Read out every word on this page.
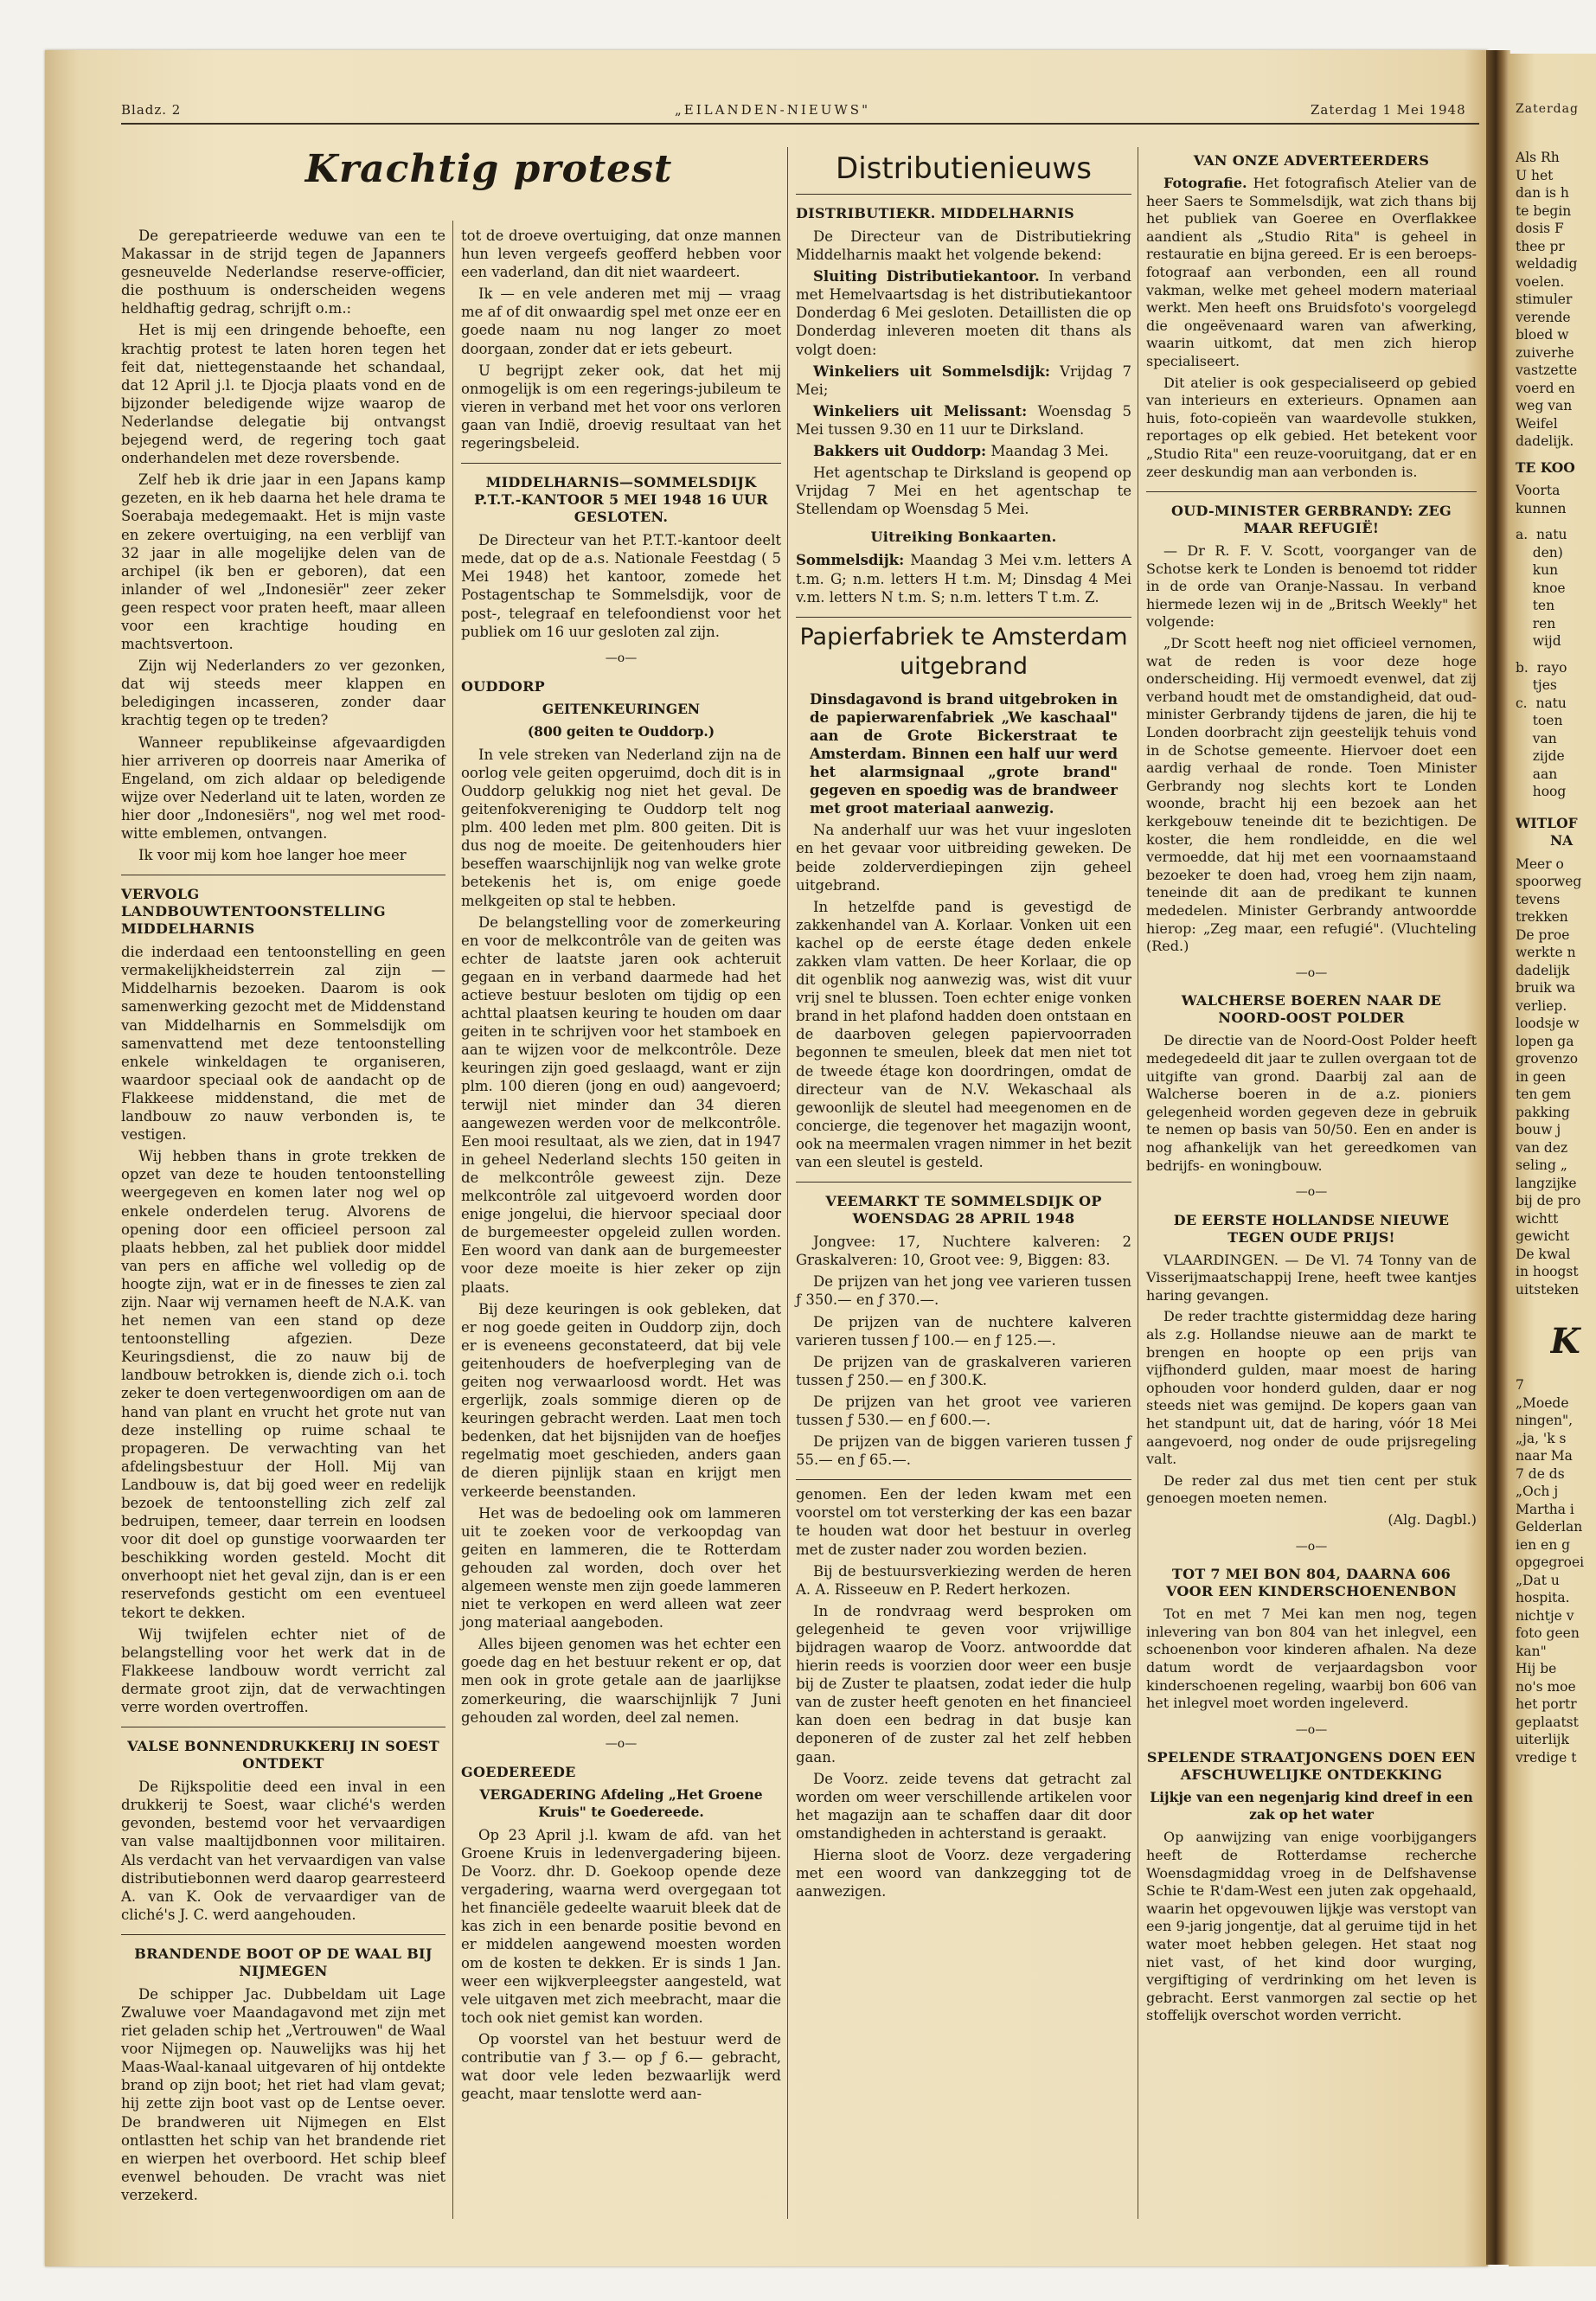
Bladz. 2	„EILANDEN-NIEUWS"	Zaterdag 1 Mei 1948	Zaterdag
Krachtig protest

De gerepatrieerde weduwe van een te Makassar in de strijd tegen de Japanners gesneuvelde Nederlandse reserve-officier, die posthuum is onderscheiden wegens heldhaftig gedrag, schrijft o.m.:

Het is mij een dringende behoefte, een krachtig protest te laten horen tegen het feit dat, niettegenstaande het schandaal, dat 12 April j.l. te Djocja plaats vond en de bijzonder beledigende wijze waarop de Nederlandse delegatie bij ontvangst bejegend werd, de regering toch gaat onderhandelen met deze roversbende.

Zelf heb ik drie jaar in een Japans kamp gezeten, en ik heb daarna het hele drama te Soerabaja medegemaakt. Het is mijn vaste en zekere overtuiging, na een verblijf van 32 jaar in alle mogelijke delen van de archipel (ik ben er geboren), dat een inlander of wel „Indonesiër" zeer zeker geen respect voor praten heeft, maar alleen voor een krachtige houding en machtsvertoon.

Zijn wij Nederlanders zo ver gezonken, dat wij steeds meer klappen en beledigingen incasseren, zonder daar krachtig tegen op te treden?

Wanneer republikeinse afgevaardigden hier arriveren op doorreis naar Amerika of Engeland, om zich aldaar op beledigende wijze over Nederland uit te laten, worden ze hier door „Indonesiërs", nog wel met rood-witte emblemen, ontvangen.

Ik voor mij kom hoe langer hoe meer

VERVOLG LANDBOUWTENTOONSTELLING MIDDELHARNIS

die inderdaad een tentoonstelling en geen vermakelijkheidsterrein zal zijn — Middelharnis bezoeken. Daarom is ook samenwerking gezocht met de Middenstand van Middelharnis en Sommelsdijk om samenvattend met deze tentoonstelling enkele winkeldagen te organiseren, waardoor speciaal ook de aandacht op de Flakkeese middenstand, die met de landbouw zo nauw verbonden is, te vestigen.

Wij hebben thans in grote trekken de opzet van deze te houden tentoonstelling weergegeven en komen later nog wel op enkele onderdelen terug. Alvorens de opening door een officieel persoon zal plaats hebben, zal het publiek door middel van pers en affiche wel volledig op de hoogte zijn, wat er in de finesses te zien zal zijn. Naar wij vernamen heeft de N.A.K. van het nemen van een stand op deze tentoonstelling afgezien. Deze Keuringsdienst, die zo nauw bij de landbouw betrokken is, diende zich o.i. toch zeker te doen vertegenwoordigen om aan de hand van plant en vrucht het grote nut van deze instelling op ruime schaal te propageren. De verwachting van het afdelingsbestuur der Holl. Mij van Landbouw is, dat bij goed weer en redelijk bezoek de tentoonstelling zich zelf zal bedruipen, temeer, daar terrein en loodsen voor dit doel op gunstige voorwaarden ter beschikking worden gesteld. Mocht dit onverhoopt niet het geval zijn, dan is er een reservefonds gesticht om een eventueel tekort te dekken.

Wij twijfelen echter niet of de belangstelling voor het werk dat in de Flakkeese landbouw wordt verricht zal dermate groot zijn, dat de verwachtingen verre worden overtroffen.

VALSE BONNENDRUKKERIJ IN SOEST ONTDEKT

De Rijkspolitie deed een inval in een drukkerij te Soest, waar cliché's werden gevonden, bestemd voor het vervaardigen van valse maaltijdbonnen voor militairen. Als verdacht van het vervaardigen van valse distributiebonnen werd daarop gearresteerd A. van K. Ook de vervaardiger van de cliché's J. C. werd aangehouden.

BRANDENDE BOOT OP DE WAAL BIJ NIJMEGEN

De schipper Jac. Dubbeldam uit Lage Zwaluwe voer Maandagavond met zijn met riet geladen schip het „Vertrouwen" de Waal voor Nijmegen op. Nauwelijks was hij het Maas-Waal-kanaal uitgevaren of hij ontdekte brand op zijn boot; het riet had vlam gevat; hij zette zijn boot vast op de Lentse oever. De brandweren uit Nijmegen en Elst ontlastten het schip van het brandende riet en wierpen het overboord. Het schip bleef evenwel behouden. De vracht was niet verzekerd.

tot de droeve overtuiging, dat onze mannen hun leven vergeefs geofferd hebben voor een vaderland, dan dit niet waardeert.

Ik — en vele anderen met mij — vraag me af of dit onwaardig spel met onze eer en goede naam nu nog langer zo moet doorgaan, zonder dat er iets gebeurt.

U begrijpt zeker ook, dat het mij onmogelijk is om een regerings-jubileum te vieren in verband met het voor ons verloren gaan van Indië, droevig resultaat van het regeringsbeleid.

MIDDELHARNIS—SOMMELSDIJK P.T.T.-KANTOOR 5 MEI 1948 16 UUR GESLOTEN.

De Directeur van het P.T.T.-kantoor deelt mede, dat op de a.s. Nationale Feestdag ( 5 Mei 1948) het kantoor, zomede het Postagentschap te Sommelsdijk, voor de post-, telegraaf en telefoondienst voor het publiek om 16 uur gesloten zal zijn.

—o—
OUDDORP
GEITENKEURINGEN
(800 geiten te Ouddorp.)

In vele streken van Nederland zijn na de oorlog vele geiten opgeruimd, doch dit is in Ouddorp gelukkig nog niet het geval. De geitenfokvereniging te Ouddorp telt nog plm. 400 leden met plm. 800 geiten. Dit is dus nog de moeite. De geitenhouders hier beseffen waarschijnlijk nog van welke grote betekenis het is, om enige goede melkgeiten op stal te hebben.

De belangstelling voor de zomerkeuring en voor de melkcontrôle van de geiten was echter de laatste jaren ook achteruit gegaan en in verband daarmede had het actieve bestuur besloten om tijdig op een achttal plaatsen keuring te houden om daar geiten in te schrijven voor het stamboek en aan te wijzen voor de melkcontrôle. Deze keuringen zijn goed geslaagd, want er zijn plm. 100 dieren (jong en oud) aangevoerd; terwijl niet minder dan 34 dieren aangewezen werden voor de melkcontrôle. Een mooi resultaat, als we zien, dat in 1947 in geheel Nederland slechts 150 geiten in de melkcontrôle geweest zijn. Deze melkcontrôle zal uitgevoerd worden door enige jongelui, die hiervoor speciaal door de burgemeester opgeleid zullen worden. Een woord van dank aan de burgemeester voor deze moeite is hier zeker op zijn plaats.

Bij deze keuringen is ook gebleken, dat er nog goede geiten in Ouddorp zijn, doch er is eveneens geconstateerd, dat bij vele geitenhouders de hoefverpleging van de geiten nog verwaarloosd wordt. Het was ergerlijk, zoals sommige dieren op de keuringen gebracht werden. Laat men toch bedenken, dat het bijsnijden van de hoefjes regelmatig moet geschieden, anders gaan de dieren pijnlijk staan en krijgt men verkeerde beenstanden.

Het was de bedoeling ook om lammeren uit te zoeken voor de verkoopdag van geiten en lammeren, die te Rotterdam gehouden zal worden, doch over het algemeen wenste men zijn goede lammeren niet te verkopen en werd alleen wat zeer jong materiaal aangeboden.

Alles bijeen genomen was het echter een goede dag en het bestuur rekent er op, dat men ook in grote getale aan de jaarlijkse zomerkeuring, die waarschijnlijk 7 Juni gehouden zal worden, deel zal nemen.

—o—
GOEDEREEDE
VERGADERING Afdeling „Het Groene Kruis" te Goedereede.

Op 23 April j.l. kwam de afd. van het Groene Kruis in ledenvergadering bijeen. De Voorz. dhr. D. Goekoop opende deze vergadering, waarna werd overgegaan tot het financiële gedeelte waaruit bleek dat de kas zich in een benarde positie bevond en er middelen aangewend moesten worden om de kosten te dekken. Er is sinds 1 Jan. weer een wijkverpleegster aangesteld, wat vele uitgaven met zich meebracht, maar die toch ook niet gemist kan worden.

Op voorstel van het bestuur werd de contributie van ƒ 3.— op ƒ 6.— gebracht, wat door vele leden bezwaarlijk werd geacht, maar tenslotte werd aan-

Distributienieuws
DISTRIBUTIEKR. MIDDELHARNIS

De Directeur van de Distributiekring Middelharnis maakt het volgende bekend:

Sluiting Distributiekantoor. In verband met Hemelvaartsdag is het distributiekantoor Donderdag 6 Mei gesloten. Detaillisten die op Donderdag inleveren moeten dit thans als volgt doen:

Winkeliers uit Sommelsdijk: Vrijdag 7 Mei;

Winkeliers uit Melissant: Woensdag 5 Mei tussen 9.30 en 11 uur te Dirksland.

Bakkers uit Ouddorp: Maandag 3 Mei.

Het agentschap te Dirksland is geopend op Vrijdag 7 Mei en het agentschap te Stellendam op Woensdag 5 Mei.

Uitreiking Bonkaarten.

Sommelsdijk: Maandag 3 Mei v.m. letters A t.m. G; n.m. letters H t.m. M; Dinsdag 4 Mei v.m. letters N t.m. S; n.m. letters T t.m. Z.

Papierfabriek te Amsterdam uitgebrand

Dinsdagavond is brand uitgebroken in de papierwarenfabriek „We kaschaal" aan de Grote Bickerstraat te Amsterdam. Binnen een half uur werd het alarmsignaal „grote brand" gegeven en spoedig was de brandweer met groot materiaal aanwezig.

Na anderhalf uur was het vuur ingesloten en het gevaar voor uitbreiding geweken. De beide zolderverdiepingen zijn geheel uitgebrand.

In hetzelfde pand is gevestigd de zakkenhandel van A. Korlaar. Vonken uit een kachel op de eerste étage deden enkele zakken vlam vatten. De heer Korlaar, die op dit ogenblik nog aanwezig was, wist dit vuur vrij snel te blussen. Toen echter enige vonken brand in het plafond hadden doen ontstaan en de daarboven gelegen papiervoorraden begonnen te smeulen, bleek dat men niet tot de tweede étage kon doordringen, omdat de directeur van de N.V. Wekaschaal als gewoonlijk de sleutel had meegenomen en de concierge, die tegenover het magazijn woont, ook na meermalen vragen nimmer in het bezit van een sleutel is gesteld.

VEEMARKT TE SOMMELSDIJK OP WOENSDAG 28 APRIL 1948

Jongvee: 17, Nuchtere kalveren: 2 Graskalveren: 10, Groot vee: 9, Biggen: 83.

De prijzen van het jong vee varieren tussen ƒ 350.— en ƒ 370.—.

De prijzen van de nuchtere kalveren varieren tussen ƒ 100.— en ƒ 125.—.

De prijzen van de graskalveren varieren tussen ƒ 250.— en ƒ 300.K.

De prijzen van het groot vee varieren tussen ƒ 530.— en ƒ 600.—.

De prijzen van de biggen varieren tussen ƒ 55.— en ƒ 65.—.

genomen. Een der leden kwam met een voorstel om tot versterking der kas een bazar te houden wat door het bestuur in overleg met de zuster nader zou worden bezien.

Bij de bestuursverkiezing werden de heren A. A. Risseeuw en P. Redert herkozen.

In de rondvraag werd besproken om gelegenheid te geven voor vrijwillige bijdragen waarop de Voorz. antwoordde dat hierin reeds is voorzien door weer een busje bij de Zuster te plaatsen, zodat ieder die hulp van de zuster heeft genoten en het financieel kan doen een bedrag in dat busje kan deponeren of de zuster zal het zelf hebben gaan.

De Voorz. zeide tevens dat getracht zal worden om weer verschillende artikelen voor het magazijn aan te schaffen daar dit door omstandigheden in achterstand is geraakt.

Hierna sloot de Voorz. deze vergadering met een woord van dankzegging tot de aanwezigen.

VAN ONZE ADVERTEERDERS

Fotografie. Het fotografisch Atelier van de heer Saers te Sommelsdijk, wat zich thans bij het publiek van Goeree en Overflakkee aandient als „Studio Rita" is geheel in restauratie en bijna gereed. Er is een beroeps-fotograaf aan verbonden, een all round vakman, welke met geheel modern materiaal werkt. Men heeft ons Bruidsfoto's voorgelegd die ongeëvenaard waren van afwerking, waarin uitkomt, dat men zich hierop specialiseert.

Dit atelier is ook gespecialiseerd op gebied van interieurs en exterieurs. Opnamen aan huis, foto-copieën van waardevolle stukken, reportages op elk gebied. Het betekent voor „Studio Rita" een reuze-vooruitgang, dat er en zeer deskundig man aan verbonden is.

OUD-MINISTER GERBRANDY: ZEG MAAR REFUGIË!

— Dr R. F. V. Scott, voorganger van de Schotse kerk te Londen is benoemd tot ridder in de orde van Oranje-Nassau. In verband hiermede lezen wij in de „Britsch Weekly" het volgende:

„Dr Scott heeft nog niet officieel vernomen, wat de reden is voor deze hoge onderscheiding. Hij vermoedt evenwel, dat zij verband houdt met de omstandigheid, dat oud-minister Gerbrandy tijdens de jaren, die hij te Londen doorbracht zijn geestelijk tehuis vond in de Schotse gemeente. Hiervoer doet een aardig verhaal de ronde. Toen Minister Gerbrandy nog slechts kort te Londen woonde, bracht hij een bezoek aan het kerkgebouw teneinde dit te bezichtigen. De koster, die hem rondleidde, en die wel vermoedde, dat hij met een voornaamstaand bezoeker te doen had, vroeg hem zijn naam, teneinde dit aan de predikant te kunnen mededelen. Minister Gerbrandy antwoordde hierop: „Zeg maar, een refugié". (Vluchteling (Red.)

—o—
WALCHERSE BOEREN NAAR DE NOORD-OOST POLDER

De directie van de Noord-Oost Polder heeft medegedeeld dit jaar te zullen overgaan tot de uitgifte van grond. Daarbij zal aan de Walcherse boeren in de a.z. pioniers gelegenheid worden gegeven deze in gebruik te nemen op basis van 50/50. Een en ander is nog afhankelijk van het gereedkomen van bedrijfs- en woningbouw.

—o—
DE EERSTE HOLLANDSE NIEUWE TEGEN OUDE PRIJS!

VLAARDINGEN. — De Vl. 74 Tonny van de Visserijmaatschappij Irene, heeft twee kantjes haring gevangen.

De reder trachtte gistermiddag deze haring als z.g. Hollandse nieuwe aan de markt te brengen en hoopte op een prijs van vijfhonderd gulden, maar moest de haring ophouden voor honderd gulden, daar er nog steeds niet was gemijnd. De kopers gaan van het standpunt uit, dat de haring, vóór 18 Mei aangevoerd, nog onder de oude prijsregeling valt.

De reder zal dus met tien cent per stuk genoegen moeten nemen.

(Alg. Dagbl.)

—o—
TOT 7 MEI BON 804, DAARNA 606 VOOR EEN KINDERSCHOENENBON

Tot en met 7 Mei kan men nog, tegen inlevering van bon 804 van het inlegvel, een schoenenbon voor kinderen afhalen. Na deze datum wordt de verjaardagsbon voor kinderschoenen regeling, waarbij bon 606 van het inlegvel moet worden ingeleverd.

—o—
SPELENDE STRAATJONGENS DOEN EEN AFSCHUWELIJKE ONTDEKKING
Lijkje van een negenjarig kind dreef in een zak op het water

Op aanwijzing van enige voorbijgangers heeft de Rotterdamse recherche Woensdagmiddag vroeg in de Delfshavense Schie te R'dam-West een juten zak opgehaald, waarin het opgevouwen lijkje was verstopt van een 9-jarig jongentje, dat al geruime tijd in het water moet hebben gelegen. Het staat nog niet vast, of het kind door wurging, vergiftiging of verdrinking om het leven is gebracht. Eerst vanmorgen zal sectie op het stoffelijk overschot worden verricht.

Als Rh
U het
dan is h
te begin
dosis F
thee pr
weldadig
voelen.
stimuler
verende
bloed w
zuiverhe
vastzette
voerd en
weg van
Weifel
dadelijk.
TE KOO
Voorta
kunnen
a.  natu
den)
kun
knoe
ten
ren
wijd
b.  rayo
tjes
c.  natu
toen
van
zijde
aan
hoog
WITLOF
NA
Meer o
spoorweg
tevens
trekken
De proe
werkte n
dadelijk
bruik wa
verliep.
loodsje w
lopen ga
grovenzo
in geen
ten gem
pakking
bouw j
van dez
seling „
langzijke
bij de pro
wichtt
gewicht
De kwal
in hoogst
uitsteken
K
7
„Moede
ningen",
„ja, 'k s
naar Ma
7 de ds
„Och j
Martha i
Gelderlan
ien en g
opgegroei
„Dat u
hospita.
nichtje v
foto geen
kan"
Hij be
no's moe
het portr
geplaatst
uiterlijk
vredige t
